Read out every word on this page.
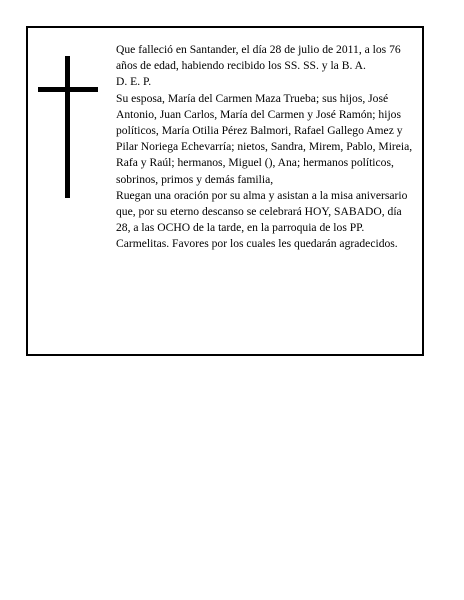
Que falleció en Santander, el día 28 de julio de 2011, a los 76 años de edad, habiendo recibido los SS. SS. y la B. A.

D. E. P.

Su esposa, María del Carmen Maza Trueba; sus hijos, José Antonio, Juan Carlos, María del Carmen y José Ramón; hijos políticos, María Otilia Pérez Balmori, Rafael Gallego Amez y Pilar Noriega Echevarría; nietos, Sandra, Mirem, Pablo, Mireia, Rafa y Raúl; hermanos, Miguel (), Ana; hermanos políticos, sobrinos, primos y demás familia,

Ruegan una oración por su alma y asistan a la misa aniversario que, por su eterno descanso se celebrará HOY, SABADO, día 28, a las OCHO de la tarde, en la parroquia de los PP. Carmelitas. Favores por los cuales les quedarán agradecidos.
